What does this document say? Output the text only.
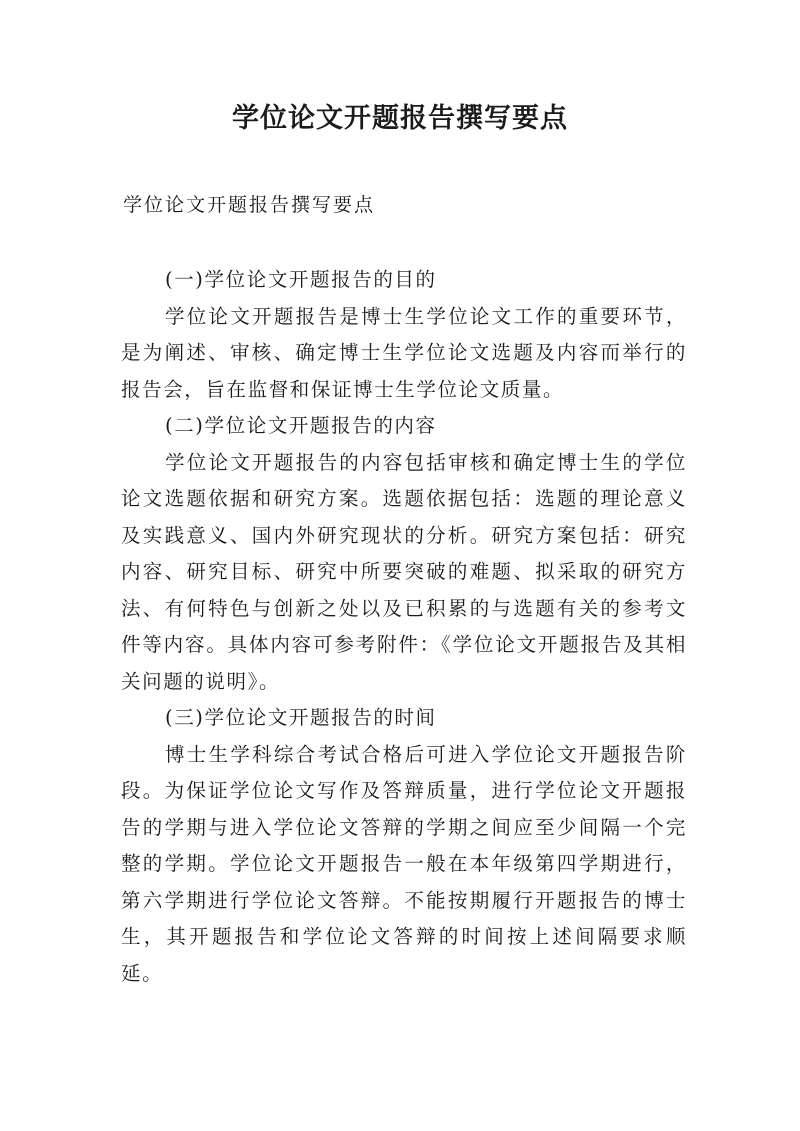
学位论文开题报告撰写要点

学位论文开题报告撰写要点

(一)学位论文开题报告的目的

学位论文开题报告是博士生学位论文工作的重要环节，是为阐述、审核、确定博士生学位论文选题及内容而举行的报告会，旨在监督和保证博士生学位论文质量。

(二)学位论文开题报告的内容

学位论文开题报告的内容包括审核和确定博士生的学位论文选题依据和研究方案。选题依据包括：选题的理论意义及实践意义、国内外研究现状的分析。研究方案包括：研究内容、研究目标、研究中所要突破的难题、拟采取的研究方法、有何特色与创新之处以及已积累的与选题有关的参考文件等内容。具体内容可参考附件：《学位论文开题报告及其相关问题的说明》。

(三)学位论文开题报告的时间

博士生学科综合考试合格后可进入学位论文开题报告阶段。为保证学位论文写作及答辩质量，进行学位论文开题报告的学期与进入学位论文答辩的学期之间应至少间隔一个完整的学期。学位论文开题报告一般在本年级第四学期进行，第六学期进行学位论文答辩。不能按期履行开题报告的博士生，其开题报告和学位论文答辩的时间按上述间隔要求顺延。
